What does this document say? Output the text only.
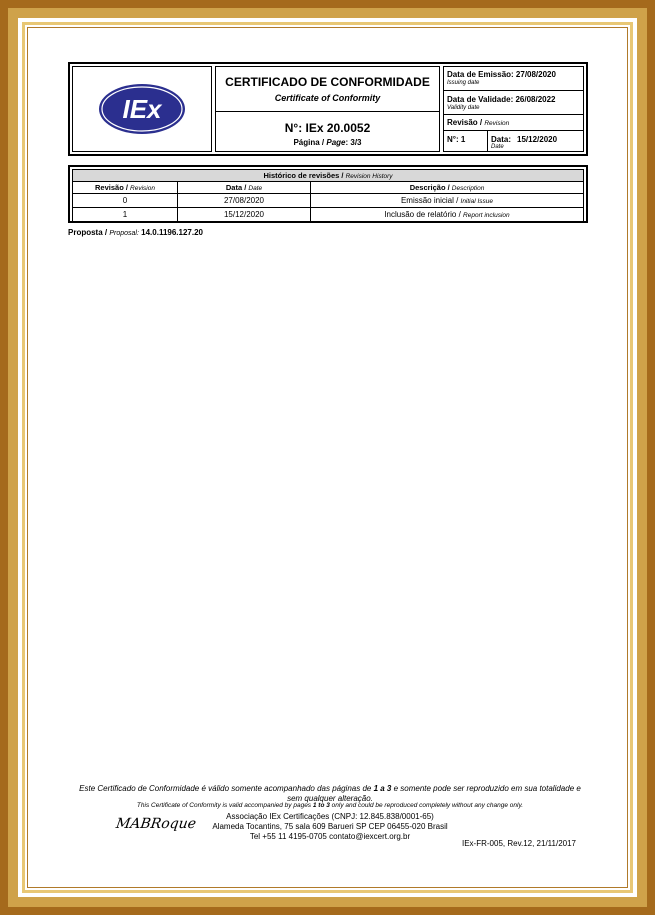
IEx
CERTIFICADO DE CONFORMIDADE
Certificate of Conformity
N°: IEx 20.0052
Página / Page: 3/3
Data de Emissão: 27/08/2020
Issuing date
Data de Validade: 26/08/2022
Validity date
Revisão / Revision
N°: 1	Data: 15/12/2020
Date
Histórico de revisões / Revision History		
Revisão / Revision	Data / Date	Descrição / Description
0	27/08/2020	Emissão inicial / Initial Issue
1	15/12/2020	Inclusão de relatório / Report inclusion
Proposta / Proposal: 14.0.1196.127.20
Este Certificado de Conformidade é válido somente acompanhado das páginas de 1 a 3 e somente pode ser reproduzido em sua totalidade e sem qualquer alteração.
This Certificate of Conformity is valid accompanied by pages 1 to 3 only and could be reproduced completely without any change only.
Associação IEx Certificações (CNPJ: 12.845.838/0001-65)
Alameda Tocantins, 75 sala 609 Barueri SP CEP 06455-020 Brasil
Tel +55 11 4195-0705 contato@iexcert.org.br
MABRoque
IEx-FR-005, Rev.12, 21/11/2017
